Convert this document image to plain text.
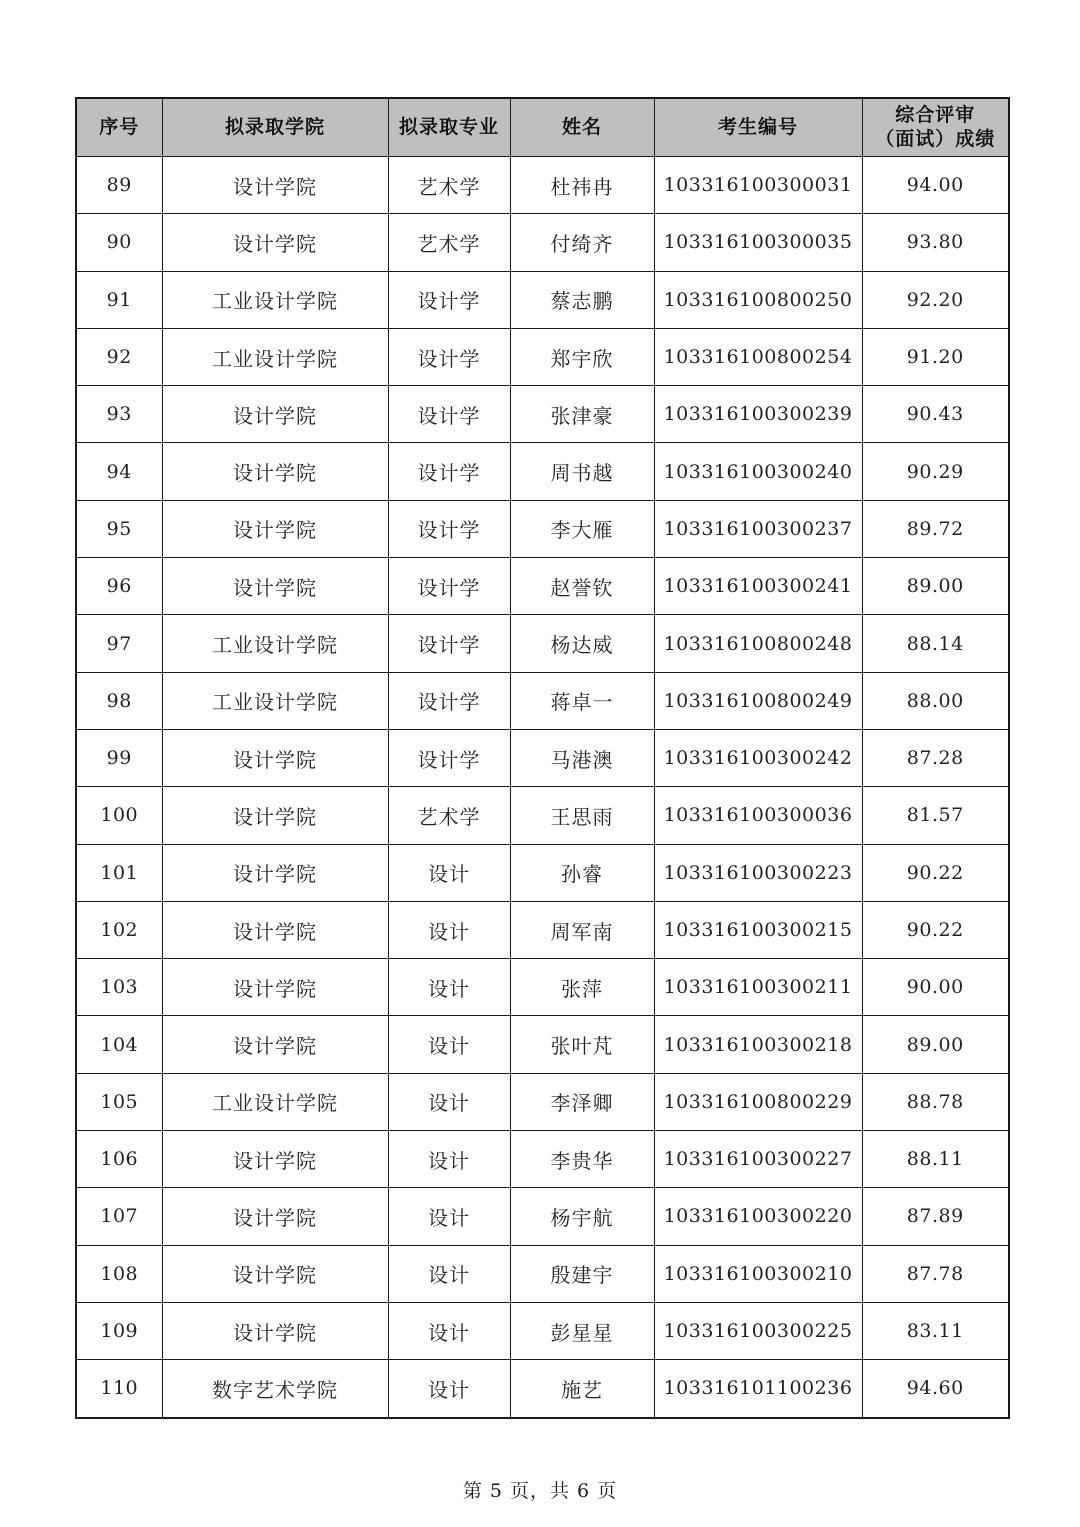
序号	拟录取学院	拟录取专业	姓名	考生编号	综合评审
（面试）成绩

89	设计学院	艺术学	杜祎冉	103316100300031	94.00
90	设计学院	艺术学	付绮齐	103316100300035	93.80
91	工业设计学院	设计学	蔡志鹏	103316100800250	92.20
92	工业设计学院	设计学	郑宇欣	103316100800254	91.20
93	设计学院	设计学	张津豪	103316100300239	90.43
94	设计学院	设计学	周书越	103316100300240	90.29
95	设计学院	设计学	李大雁	103316100300237	89.72
96	设计学院	设计学	赵誉钦	103316100300241	89.00
97	工业设计学院	设计学	杨达威	103316100800248	88.14
98	工业设计学院	设计学	蒋卓一	103316100800249	88.00
99	设计学院	设计学	马港澳	103316100300242	87.28
100	设计学院	艺术学	王思雨	103316100300036	81.57
101	设计学院	设计	孙睿	103316100300223	90.22
102	设计学院	设计	周军南	103316100300215	90.22
103	设计学院	设计	张萍	103316100300211	90.00
104	设计学院	设计	张叶芃	103316100300218	89.00
105	工业设计学院	设计	李泽卿	103316100800229	88.78
106	设计学院	设计	李贵华	103316100300227	88.11
107	设计学院	设计	杨宇航	103316100300220	87.89
108	设计学院	设计	殷建宇	103316100300210	87.78
109	设计学院	设计	彭星星	103316100300225	83.11
110	数字艺术学院	设计	施艺	103316101100236	94.60
第 5 页，共 6 页
